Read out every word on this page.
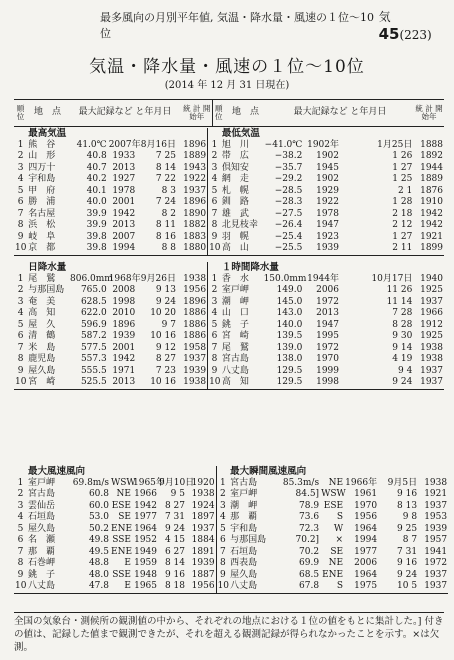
最多風向の月別平年値, 気温・降水量・風速の１位～10位
気 45(223)
気温・降水量・風速の１位～10位
(2014 年 12 月 31 日現在)
順位	地　点	最大記録など と年月日	統 計 開始年	順位	地　点	最大記録など と年月日	統 計 開始年
	最高気温						最低気温				
1	熊　谷	41.0℃	2007年	8月16日	1896	1	旭　川	−41.0℃	1902年	1月25日	1888
2	山　形	40.8	1933	7 25	1889	2	帯　広	−38.2	1902	1 26	1892
3	四万十	40.7	2013	8 14	1943	3	倶知安	−35.7	1945	1 27	1944
4	宇和島	40.2	1927	7 22	1922	4	網　走	−29.2	1902	1 25	1889
5	甲　府	40.1	1978	8 3	1937	5	札　幌	−28.5	1929	2 1	1876
6	勝　浦	40.0	2001	7 24	1896	6	釧　路	−28.3	1922	1 28	1910
7	名古屋	39.9	1942	8 2	1890	7	雄　武	−27.5	1978	2 18	1942
8	浜　松	39.9	2013	8 11	1882	8	北見枝幸	−26.4	1947	2 12	1942
9	岐　阜	39.8	2007	8 16	1883	9	羽　幌	−25.4	1923	1 27	1921
10	京　都	39.8	1994	8 8	1880	10	高　山	−25.5	1939	2 11	1899
	日降水量						１時間降水量				
1	尾　鷲	806.0mm	1968年	9月26日	1938	1	香　水	150.0mm	1944年	10月17日	1940
2	与那国島	765.0	2008	9 13	1956	2	室戸岬	149.0	2006	11 26	1925
3	奄　美	628.5	1998	9 24	1896	3	潮　岬	145.0	1972	11 14	1937
4	高　知	622.0	2010	10 20	1886	4	山　口	143.0	2013	7 28	1966
5	屋　久	596.9	1896	9 7	1886	5	銚　子	140.0	1947	8 28	1912
6	清　鶴	587.2	1939	10 16	1886	6	宮　崎	139.5	1995	9 30	1925
7	米　島	577.5	2001	9 12	1958	7	尾　鷲	139.0	1972	9 14	1938
8	鹿児島	557.3	1942	8 27	1937	8	宮古島	138.0	1970	4 19	1938
9	屋久島	555.5	1971	7 23	1939	9	八丈島	129.5	1999	9 4	1937
10	宮　崎	525.5	2013	10 16	1938	10	高　知	129.5	1998	9 24	1937
	最大風速風向							最大瞬間風速風向					
1	室戸岬	69.8m/s	WSW	1965年	9月10日	1920	1	宮古島	85.3m/s	NE	1966年	9月5日	1938
2	宮古島	60.8	NE	1966	9 5	1938	2	室戸岬	84.5]	WSW	1961	9 16	1921
3	雲仙岳	60.0	ESE	1942	8 27	1924	3	潮　岬	78.9	ESE	1970	8 13	1937
4	石垣島	53.0	SE	1977	7 31	1897	4	那　覇	73.6	S	1956	9 8	1953
5	屋久島	50.2	ENE	1964	9 24	1937	5	宇和島	72.3	W	1964	9 25	1939
6	名　瀬	49.8	SSE	1952	4 15	1884	6	与那国島	70.2]	×	1994	8 7	1957
7	那　覇	49.5	ENE	1949	6 27	1891	7	石垣島	70.2	SE	1977	7 31	1941
8	石巻岬	48.8	E	1959	8 14	1939	8	西表島	69.9	NE	2006	9 16	1972
9	銚　子	48.0	SSE	1948	9 16	1887	9	屋久島	68.5	ENE	1964	9 24	1937
10	八丈島	47.8	E	1965	8 18	1956	10	八丈島	67.8	S	1975	10 5	1937
全国の気象台・測候所の観測値の中から、それぞれの地点における１位の値をもとに集計した。] 付きの値は、記録した値まで観測できたが、それを超える観測記録が得られなかったことを示す。×は欠測。
